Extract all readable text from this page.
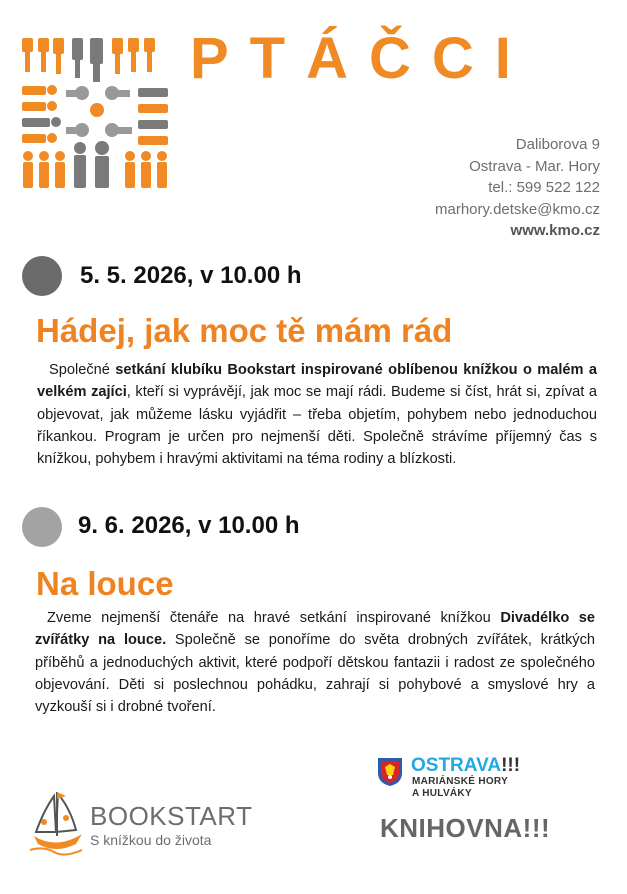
PTÁČCI
Daliborova 9
Ostrava - Mar. Hory
tel.: 599 522 122
marhory.detske@kmo.cz
www.kmo.cz
5. 5. 2026, v 10.00 h
Hádej, jak moc tě mám rád

Společné setkání klubíku Bookstart inspirované oblíbenou knížkou o malém a velkém zajíci, kteří si vyprávějí, jak moc se mají rádi. Budeme si číst, hrát si, zpívat a objevovat, jak můžeme lásku vyjádřit – třeba objetím, pohybem nebo jednoduchou říkankou. Program je určen pro nejmenší děti. Společně strávíme příjemný čas s knížkou, pohybem i hravými aktivitami na téma rodiny a blízkosti.

9. 6. 2026, v 10.00 h
Na louce

Zveme nejmenší čtenáře na hravé setkání inspirované knížkou Divadélko se zvířátky na louce. Společně se ponoříme do světa drobných zvířátek, krátkých příběhů a jednoduchých aktivit, které podpoří dětskou fantazii i radost ze společného objevování. Děti si poslechnou pohádku, zahrají si pohybové a smyslové hry a vyzkouší si i drobné tvoření.

BOOKSTART
S knížkou do života
OSTRAVA!!!
MARIÁNSKÉ HORY
A HULVÁKY
KNIHOVNA!!!
